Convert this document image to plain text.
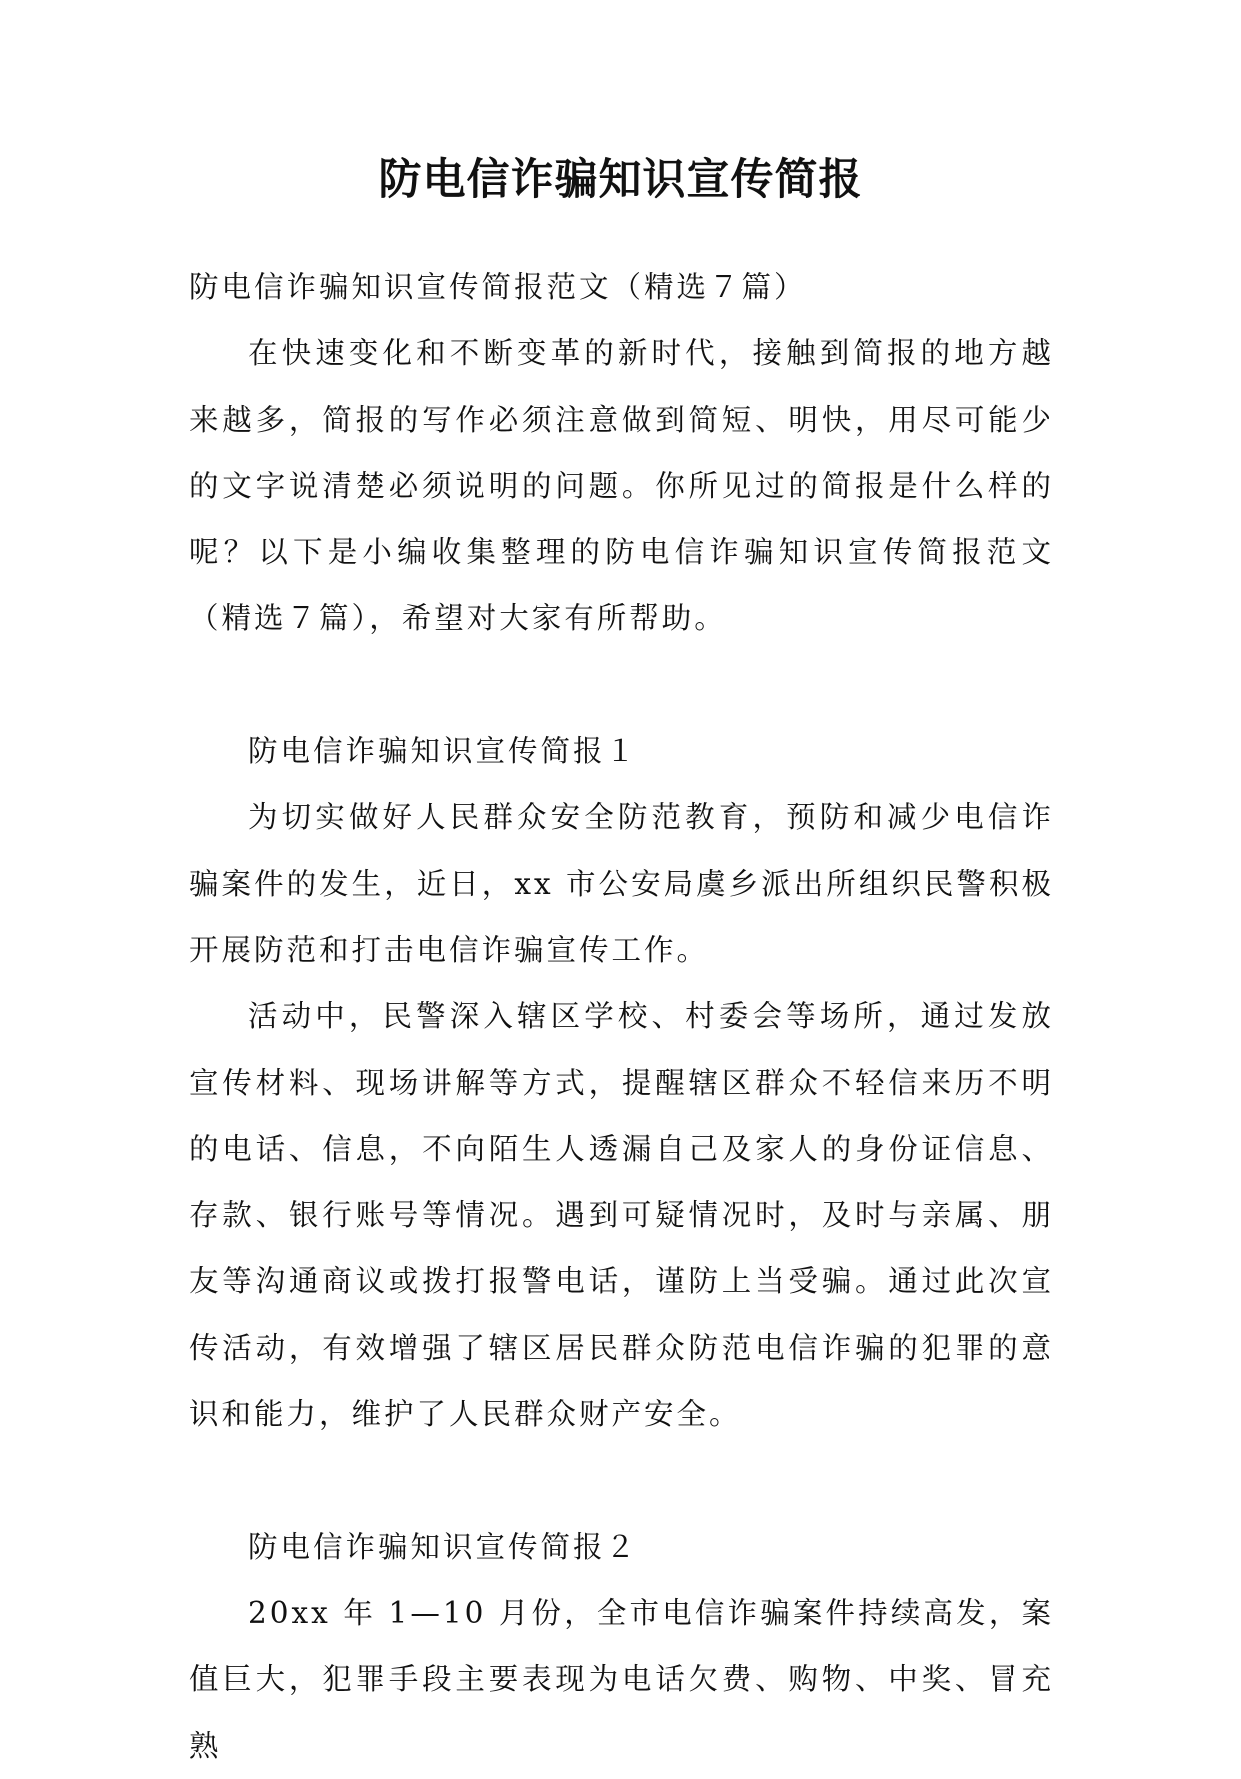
防电信诈骗知识宣传简报

防电信诈骗知识宣传简报范文（精选７篇）

在快速变化和不断变革的新时代，接触到简报的地方越来越多，简报的写作必须注意做到简短、明快，用尽可能少的文字说清楚必须说明的问题。你所见过的简报是什么样的呢？以下是小编收集整理的防电信诈骗知识宣传简报范文（精选７篇），希望对大家有所帮助。

防电信诈骗知识宣传简报１

为切实做好人民群众安全防范教育，预防和减少电信诈骗案件的发生，近日，xx 市公安局虞乡派出所组织民警积极开展防范和打击电信诈骗宣传工作。

活动中，民警深入辖区学校、村委会等场所，通过发放宣传材料、现场讲解等方式，提醒辖区群众不轻信来历不明的电话、信息，不向陌生人透漏自己及家人的身份证信息、存款、银行账号等情况。遇到可疑情况时，及时与亲属、朋友等沟通商议或拨打报警电话，谨防上当受骗。通过此次宣传活动，有效增强了辖区居民群众防范电信诈骗的犯罪的意识和能力，维护了人民群众财产安全。

防电信诈骗知识宣传简报２

20xx 年 1—10 月份，全市电信诈骗案件持续高发，案值巨大，犯罪手段主要表现为电话欠费、购物、中奖、冒充熟
